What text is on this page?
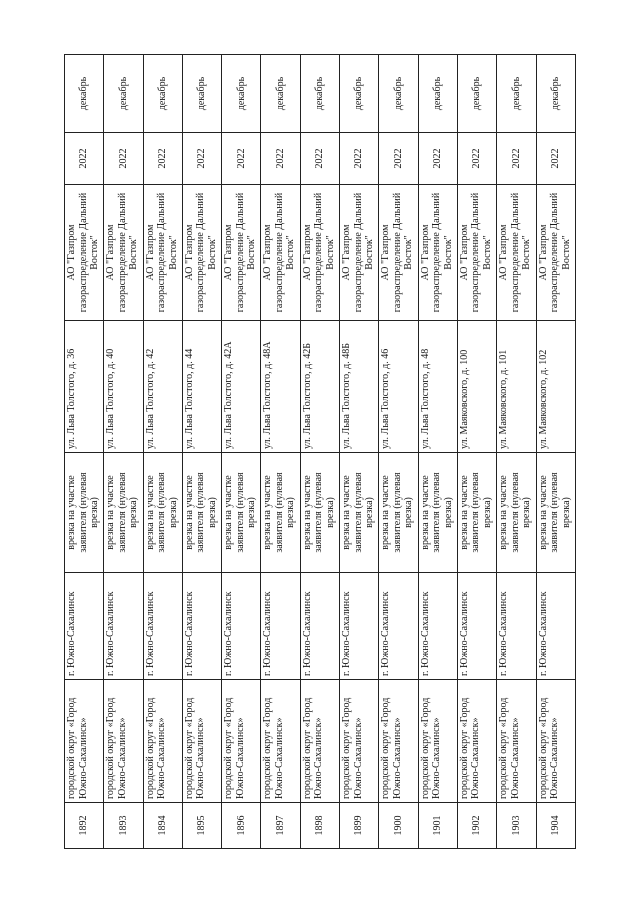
1892	городской округ «Город Южно-Сахалинск»	г. Южно-Сахалинск	врезка на участке заявителя (нулевая врезка)	ул. Льва Толстого, д. 36	АО "Газпром газораспределение Дальний Восток"	2022	декабрь
1893	городской округ «Город Южно-Сахалинск»	г. Южно-Сахалинск	врезка на участке заявителя (нулевая врезка)	ул. Льва Толстого, д. 40	АО "Газпром газораспределение Дальний Восток"	2022	декабрь
1894	городской округ «Город Южно-Сахалинск»	г. Южно-Сахалинск	врезка на участке заявителя (нулевая врезка)	ул. Льва Толстого, д. 42	АО "Газпром газораспределение Дальний Восток"	2022	декабрь
1895	городской округ «Город Южно-Сахалинск»	г. Южно-Сахалинск	врезка на участке заявителя (нулевая врезка)	ул. Льва Толстого, д. 44	АО "Газпром газораспределение Дальний Восток"	2022	декабрь
1896	городской округ «Город Южно-Сахалинск»	г. Южно-Сахалинск	врезка на участке заявителя (нулевая врезка)	ул. Льва Толстого, д. 42А	АО "Газпром газораспределение Дальний Восток"	2022	декабрь
1897	городской округ «Город Южно-Сахалинск»	г. Южно-Сахалинск	врезка на участке заявителя (нулевая врезка)	ул. Льва Толстого, д. 48А	АО "Газпром газораспределение Дальний Восток"	2022	декабрь
1898	городской округ «Город Южно-Сахалинск»	г. Южно-Сахалинск	врезка на участке заявителя (нулевая врезка)	ул. Льва Толстого, д. 42Б	АО "Газпром газораспределение Дальний Восток"	2022	декабрь
1899	городской округ «Город Южно-Сахалинск»	г. Южно-Сахалинск	врезка на участке заявителя (нулевая врезка)	ул. Льва Толстого, д. 48Б	АО "Газпром газораспределение Дальний Восток"	2022	декабрь
1900	городской округ «Город Южно-Сахалинск»	г. Южно-Сахалинск	врезка на участке заявителя (нулевая врезка)	ул. Льва Толстого, д. 46	АО "Газпром газораспределение Дальний Восток"	2022	декабрь
1901	городской округ «Город Южно-Сахалинск»	г. Южно-Сахалинск	врезка на участке заявителя (нулевая врезка)	ул. Льва Толстого, д. 48	АО "Газпром газораспределение Дальний Восток"	2022	декабрь
1902	городской округ «Город Южно-Сахалинск»	г. Южно-Сахалинск	врезка на участке заявителя (нулевая врезка)	ул. Маяковского, д. 100	АО "Газпром газораспределение Дальний Восток"	2022	декабрь
1903	городской округ «Город Южно-Сахалинск»	г. Южно-Сахалинск	врезка на участке заявителя (нулевая врезка)	ул. Маяковского, д. 101	АО "Газпром газораспределение Дальний Восток"	2022	декабрь
1904	городской округ «Город Южно-Сахалинск»	г. Южно-Сахалинск	врезка на участке заявителя (нулевая врезка)	ул. Маяковского, д. 102	АО "Газпром газораспределение Дальний Восток"	2022	декабрь
